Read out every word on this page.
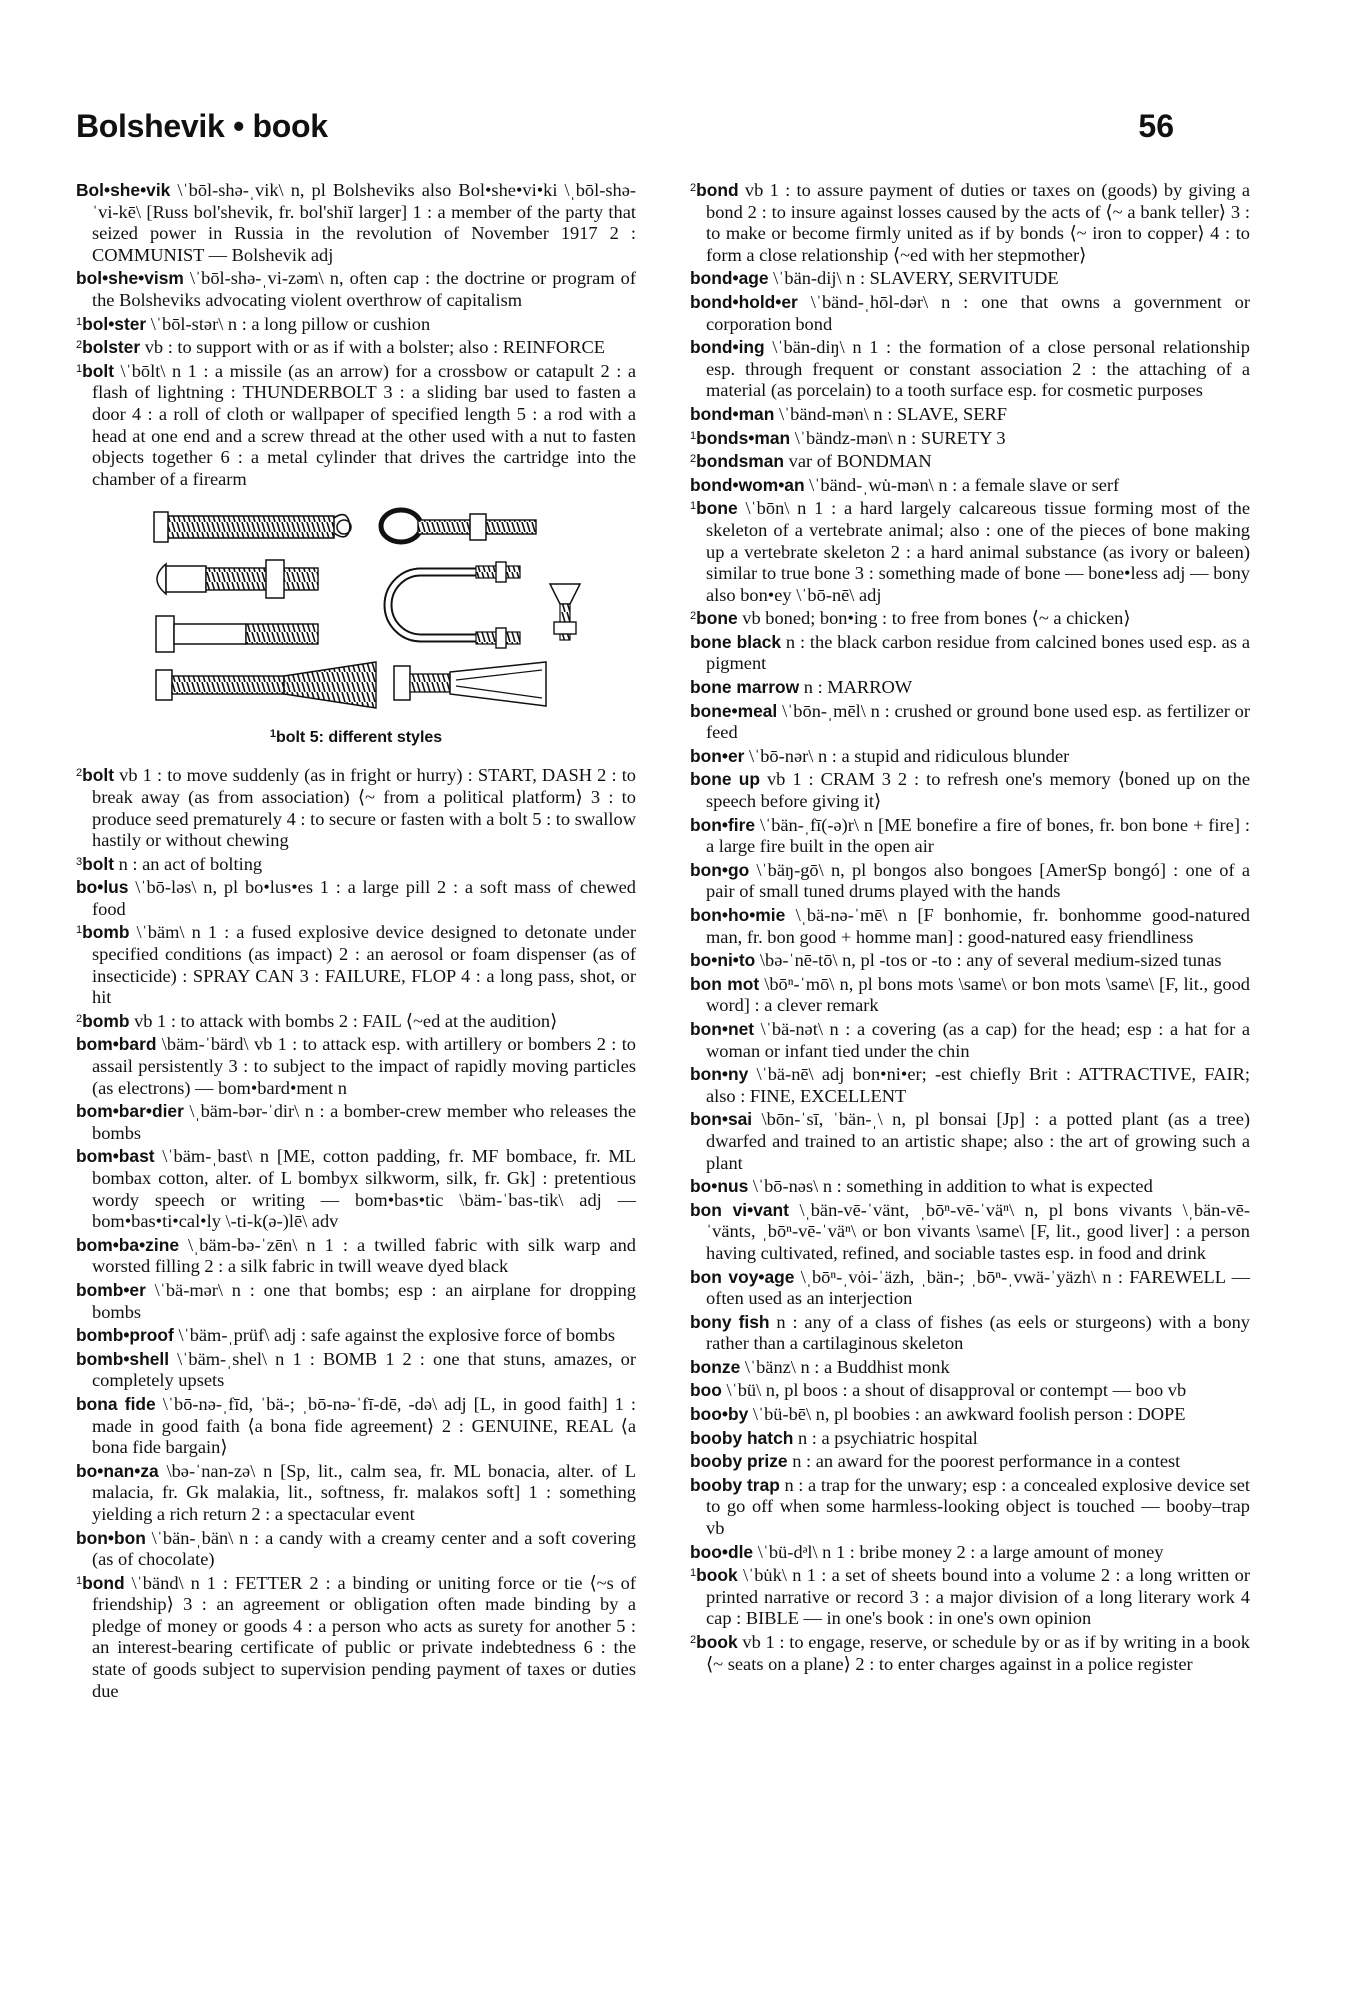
Bolshevik • book	56

Bol•she•vik \ˈbōl-shə-ˌvik\ n, pl Bolsheviks also Bol•she•vi•ki \ˌbōl-shə-ˈvi-kē\ [Russ bol'shevik, fr. bol'shiĭ larger] 1 : a member of the party that seized power in Russia in the revolution of November 1917 2 : COMMUNIST — Bolshevik adj

bol•she•vism \ˈbōl-shə-ˌvi-zəm\ n, often cap : the doctrine or program of the Bolsheviks advocating violent overthrow of capitalism

$^1$bol•ster \ˈbōl-stər\ n : a long pillow or cushion

$^2$bolster vb : to support with or as if with a bolster; also : REINFORCE

$^1$bolt \ˈbōlt\ n 1 : a missile (as an arrow) for a crossbow or catapult 2 : a flash of lightning : THUNDERBOLT 3 : a sliding bar used to fasten a door 4 : a roll of cloth or wallpaper of specified length 5 : a rod with a head at one end and a screw thread at the other used with a nut to fasten objects together 6 : a metal cylinder that drives the cartridge into the chamber of a firearm

$^1$bolt 5: different styles

$^2$bolt vb 1 : to move suddenly (as in fright or hurry) : START, DASH 2 : to break away (as from association) ⟨~ from a political platform⟩ 3 : to produce seed prematurely 4 : to secure or fasten with a bolt 5 : to swallow hastily or without chewing

$^3$bolt n : an act of bolting

bo•lus \ˈbō-ləs\ n, pl bo•lus•es 1 : a large pill 2 : a soft mass of chewed food

$^1$bomb \ˈbäm\ n 1 : a fused explosive device designed to detonate under specified conditions (as impact) 2 : an aerosol or foam dispenser (as of insecticide) : SPRAY CAN 3 : FAILURE, FLOP 4 : a long pass, shot, or hit

$^2$bomb vb 1 : to attack with bombs 2 : FAIL ⟨~ed at the audition⟩

bom•bard \bäm-ˈbärd\ vb 1 : to attack esp. with artillery or bombers 2 : to assail persistently 3 : to subject to the impact of rapidly moving particles (as electrons) — bom•bard•ment n

bom•bar•dier \ˌbäm-bər-ˈdir\ n : a bomber-crew member who releases the bombs

bom•bast \ˈbäm-ˌbast\ n [ME, cotton padding, fr. MF bombace, fr. ML bombax cotton, alter. of L bombyx silkworm, silk, fr. Gk] : pretentious wordy speech or writing — bom•bas•tic \bäm-ˈbas-tik\ adj — bom•bas•ti•cal•ly \-ti-k(ə-)lē\ adv

bom•ba•zine \ˌbäm-bə-ˈzēn\ n 1 : a twilled fabric with silk warp and worsted filling 2 : a silk fabric in twill weave dyed black

bomb•er \ˈbä-mər\ n : one that bombs; esp : an airplane for dropping bombs

bomb•proof \ˈbäm-ˌprüf\ adj : safe against the explosive force of bombs

bomb•shell \ˈbäm-ˌshel\ n 1 : BOMB 1 2 : one that stuns, amazes, or completely upsets

bona fide \ˈbō-nə-ˌfīd, ˈbä-; ˌbō-nə-ˈfī-dē, -də\ adj [L, in good faith] 1 : made in good faith ⟨a bona fide agreement⟩ 2 : GENUINE, REAL ⟨a bona fide bargain⟩

bo•nan•za \bə-ˈnan-zə\ n [Sp, lit., calm sea, fr. ML bonacia, alter. of L malacia, fr. Gk malakia, lit., softness, fr. malakos soft] 1 : something yielding a rich return 2 : a spectacular event

bon•bon \ˈbän-ˌbän\ n : a candy with a creamy center and a soft covering (as of chocolate)

$^1$bond \ˈbänd\ n 1 : FETTER 2 : a binding or uniting force or tie ⟨~s of friendship⟩ 3 : an agreement or obligation often made binding by a pledge of money or goods 4 : a person who acts as surety for another 5 : an interest-bearing certificate of public or private indebtedness 6 : the state of goods subject to supervision pending payment of taxes or duties due

$^2$bond vb 1 : to assure payment of duties or taxes on (goods) by giving a bond 2 : to insure against losses caused by the acts of ⟨~ a bank teller⟩ 3 : to make or become firmly united as if by bonds ⟨~ iron to copper⟩ 4 : to form a close relationship ⟨~ed with her stepmother⟩

bond•age \ˈbän-dij\ n : SLAVERY, SERVITUDE

bond•hold•er \ˈbänd-ˌhōl-dər\ n : one that owns a government or corporation bond

bond•ing \ˈbän-diŋ\ n 1 : the formation of a close personal relationship esp. through frequent or constant association 2 : the attaching of a material (as porcelain) to a tooth surface esp. for cosmetic purposes

bond•man \ˈbänd-mən\ n : SLAVE, SERF

$^1$bonds•man \ˈbändz-mən\ n : SURETY 3

$^2$bondsman var of BONDMAN

bond•wom•an \ˈbänd-ˌwu̇-mən\ n : a female slave or serf

$^1$bone \ˈbōn\ n 1 : a hard largely calcareous tissue forming most of the skeleton of a vertebrate animal; also : one of the pieces of bone making up a vertebrate skeleton 2 : a hard animal substance (as ivory or baleen) similar to true bone 3 : something made of bone — bone•less adj — bony also bon•ey \ˈbō-nē\ adj

$^2$bone vb boned; bon•ing : to free from bones ⟨~ a chicken⟩

bone black n : the black carbon residue from calcined bones used esp. as a pigment

bone marrow n : MARROW

bone•meal \ˈbōn-ˌmēl\ n : crushed or ground bone used esp. as fertilizer or feed

bon•er \ˈbō-nər\ n : a stupid and ridiculous blunder

bone up vb 1 : CRAM 3 2 : to refresh one's memory ⟨boned up on the speech before giving it⟩

bon•fire \ˈbän-ˌfī(-ə)r\ n [ME bonefire a fire of bones, fr. bon bone + fire] : a large fire built in the open air

bon•go \ˈbäŋ-gō\ n, pl bongos also bongoes [AmerSp bongó] : one of a pair of small tuned drums played with the hands

bon•ho•mie \ˌbä-nə-ˈmē\ n [F bonhomie, fr. bonhomme good-natured man, fr. bon good + homme man] : good-natured easy friendliness

bo•ni•to \bə-ˈnē-tō\ n, pl -tos or -to : any of several medium-sized tunas

bon mot \bōⁿ-ˈmō\ n, pl bons mots \same\ or bon mots \same\ [F, lit., good word] : a clever remark

bon•net \ˈbä-nət\ n : a covering (as a cap) for the head; esp : a hat for a woman or infant tied under the chin

bon•ny \ˈbä-nē\ adj bon•ni•er; -est chiefly Brit : ATTRACTIVE, FAIR; also : FINE, EXCELLENT

bon•sai \bōn-ˈsī, ˈbän-ˌ\ n, pl bonsai [Jp] : a potted plant (as a tree) dwarfed and trained to an artistic shape; also : the art of growing such a plant

bo•nus \ˈbō-nəs\ n : something in addition to what is expected

bon vi•vant \ˌbän-vē-ˈvänt, ˌbōⁿ-vē-ˈväⁿ\ n, pl bons vivants \ˌbän-vē-ˈvänts, ˌbōⁿ-vē-ˈväⁿ\ or bon vivants \same\ [F, lit., good liver] : a person having cultivated, refined, and sociable tastes esp. in food and drink

bon voy•age \ˌbōⁿ-ˌvȯi-ˈäzh, ˌbän-; ˌbōⁿ-ˌvwä-ˈyäzh\ n : FAREWELL — often used as an interjection

bony fish n : any of a class of fishes (as eels or sturgeons) with a bony rather than a cartilaginous skeleton

bonze \ˈbänz\ n : a Buddhist monk

boo \ˈbü\ n, pl boos : a shout of disapproval or contempt — boo vb

boo•by \ˈbü-bē\ n, pl boobies : an awkward foolish person : DOPE

booby hatch n : a psychiatric hospital

booby prize n : an award for the poorest performance in a contest

booby trap n : a trap for the unwary; esp : a concealed explosive device set to go off when some harmless-looking object is touched — booby–trap vb

boo•dle \ˈbü-dᵊl\ n 1 : bribe money 2 : a large amount of money

$^1$book \ˈbu̇k\ n 1 : a set of sheets bound into a volume 2 : a long written or printed narrative or record 3 : a major division of a long literary work 4 cap : BIBLE — in one's book : in one's own opinion

$^2$book vb 1 : to engage, reserve, or schedule by or as if by writing in a book ⟨~ seats on a plane⟩ 2 : to enter charges against in a police register
